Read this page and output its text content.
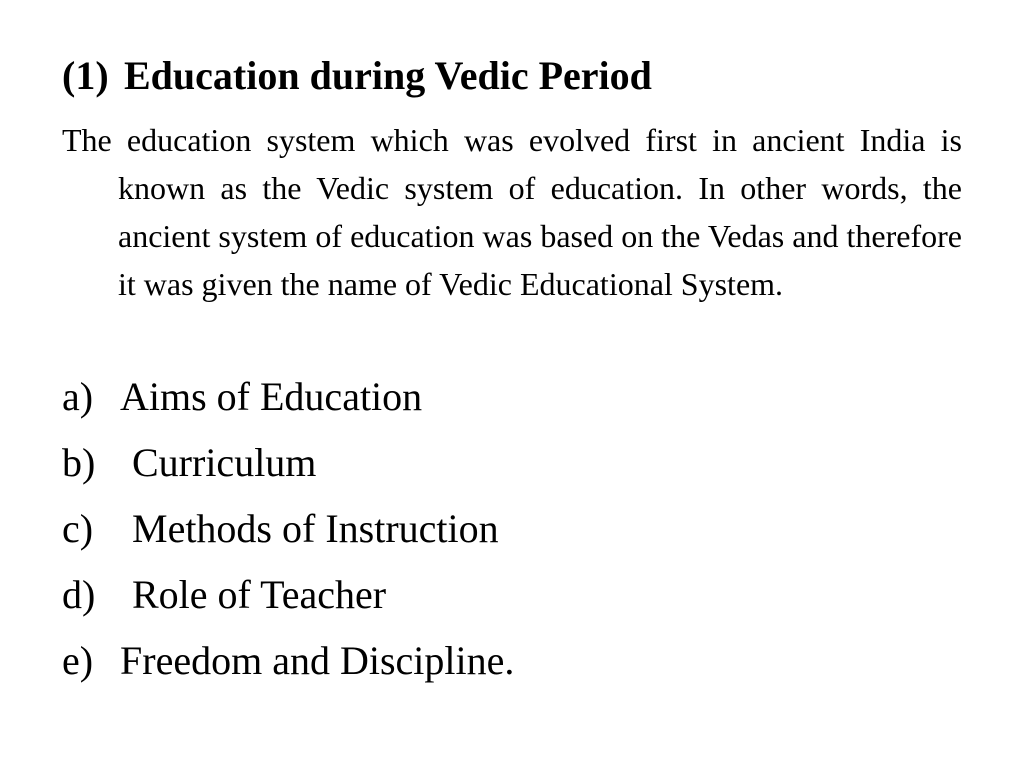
(1) Education during Vedic Period

The education system which was evolved first in ancient India is known as the Vedic system of education. In other words, the ancient system of education was based on the Vedas and therefore it was given the name of Vedic Educational System.

a) Aims of Education
b) Curriculum
c) Methods of Instruction
d) Role of Teacher
e) Freedom and Discipline.
